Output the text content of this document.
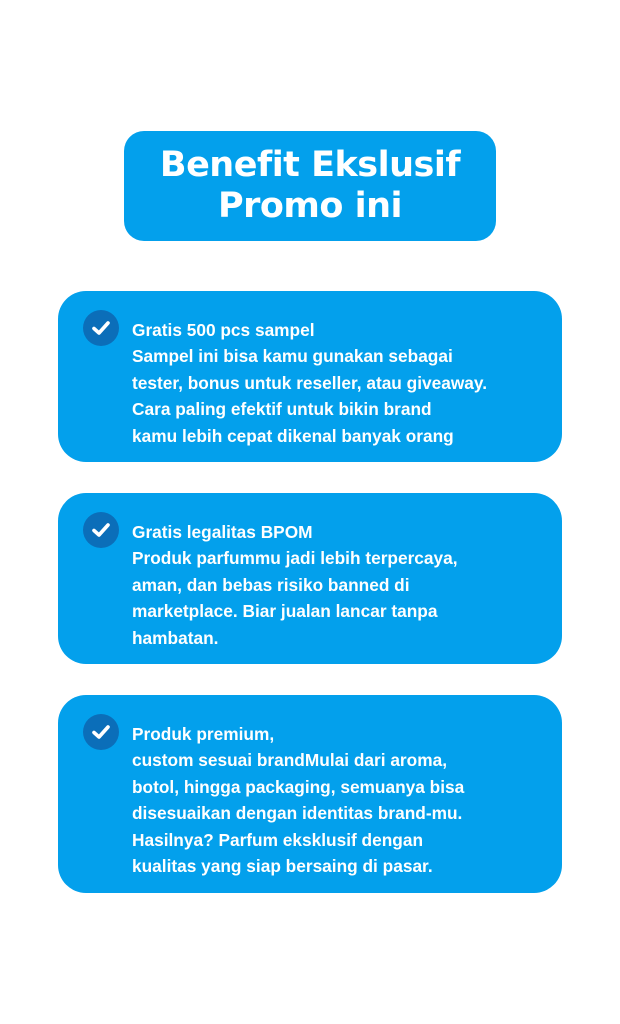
Benefit Ekslusif
Promo ini
Gratis 500 pcs sampel
Sampel ini bisa kamu gunakan sebagai
tester, bonus untuk reseller, atau giveaway.
Cara paling efektif untuk bikin brand
kamu lebih cepat dikenal banyak orang
Gratis legalitas BPOM
Produk parfummu jadi lebih terpercaya,
aman, dan bebas risiko banned di
marketplace. Biar jualan lancar tanpa
hambatan.
Produk premium,
custom sesuai brandMulai dari aroma,
botol, hingga packaging, semuanya bisa
disesuaikan dengan identitas brand-mu.
Hasilnya? Parfum eksklusif dengan
kualitas yang siap bersaing di pasar.
